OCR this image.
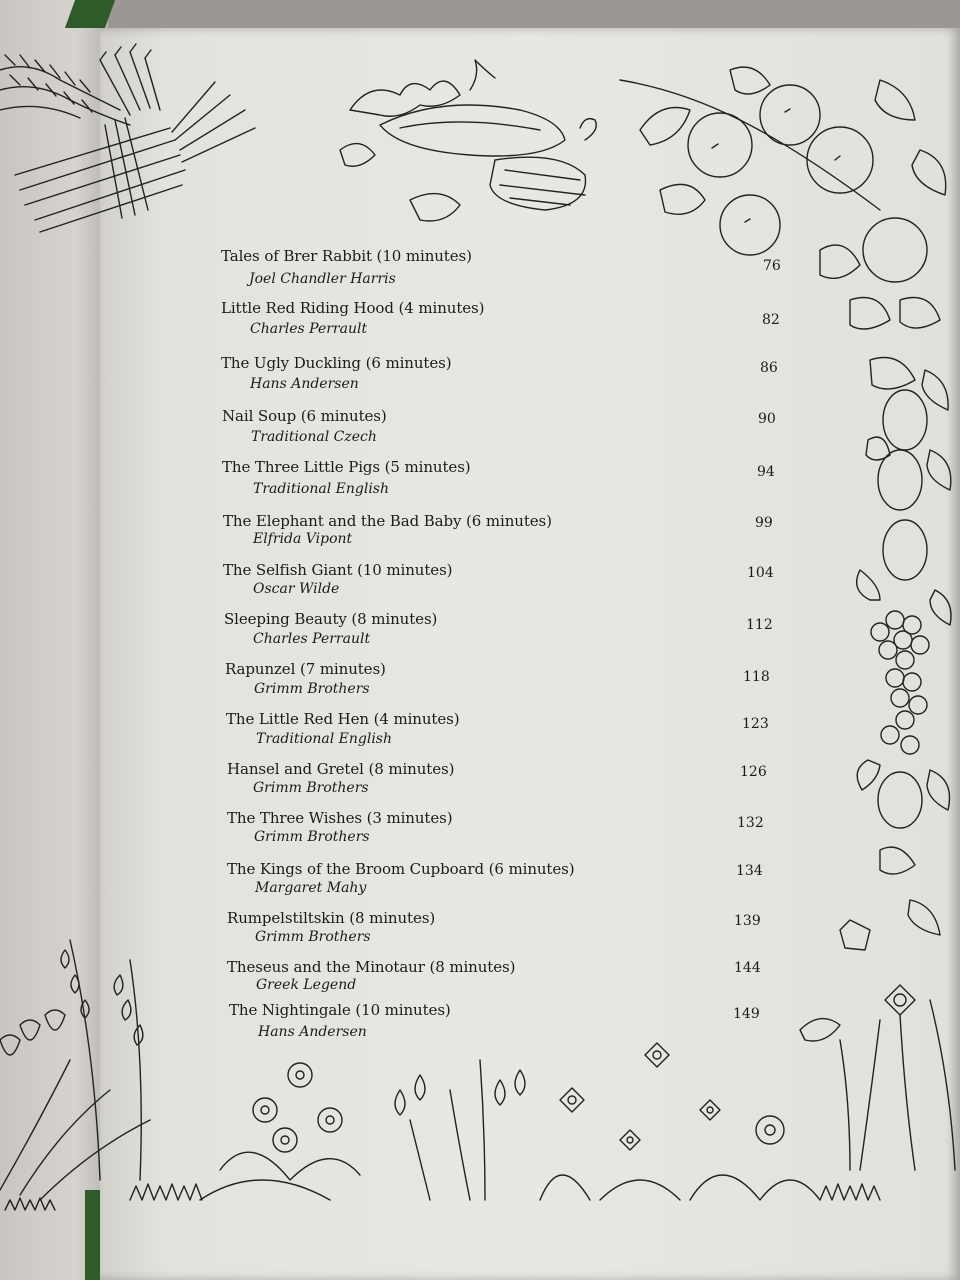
Tales of Brer Rabbit (10 minutes)
Joel Chandler Harris
76
Little Red Riding Hood (4 minutes)
Charles Perrault
82
The Ugly Duckling (6 minutes)
Hans Andersen
86
Nail Soup (6 minutes)
Traditional Czech
90
The Three Little Pigs (5 minutes)
Traditional English
94
The Elephant and the Bad Baby (6 minutes)
Elfrida Vipont
99
The Selfish Giant (10 minutes)
Oscar Wilde
104
Sleeping Beauty (8 minutes)
Charles Perrault
112
Rapunzel (7 minutes)
Grimm Brothers
118
The Little Red Hen (4 minutes)
Traditional English
123
Hansel and Gretel (8 minutes)
Grimm Brothers
126
The Three Wishes (3 minutes)
Grimm Brothers
132
The Kings of the Broom Cupboard (6 minutes)
Margaret Mahy
134
Rumpelstiltskin (8 minutes)
Grimm Brothers
139
Theseus and the Minotaur (8 minutes)
Greek Legend
144
The Nightingale (10 minutes)
Hans Andersen
149
